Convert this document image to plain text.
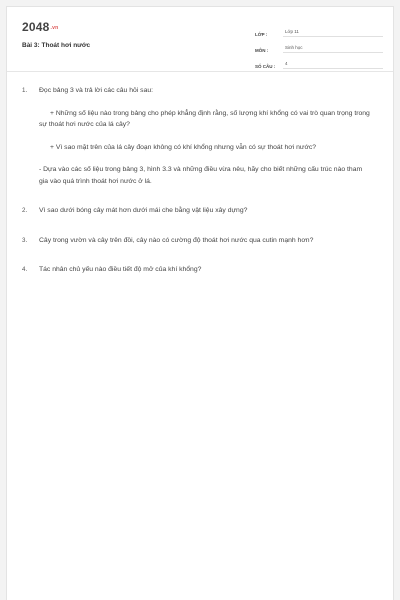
2048.vn
Bài 3: Thoát hơi nước
LỚP :
Lớp 11
MÔN :
Sinh học
SỐ CÂU :
4
1.	Đọc bảng 3 và trả lời các câu hỏi sau:

+ Những số liệu nào trong bảng cho phép khẳng định rằng, số lượng khí khổng có vai trò quan trọng trong sự thoát hơi nước của lá cây?

+ Vì sao mặt trên của lá cây đoạn không có khí khổng nhưng vẫn có sự thoát hơi nước?

- Dựa vào các số liệu trong bảng 3, hình 3.3 và những điều vừa nêu, hãy cho biết những cấu trúc nào tham gia vào quá trình thoát hơi nước ở lá.

2.	Vì sao dưới bóng cây mát hơn dưới mái che bằng vật liệu xây dựng?

3.	Cây trong vườn và cây trên đồi, cây nào có cường độ thoát hơi nước qua cutin mạnh hơn?

4.	Tác nhân chủ yếu nào điều tiết độ mở của khí khổng?
